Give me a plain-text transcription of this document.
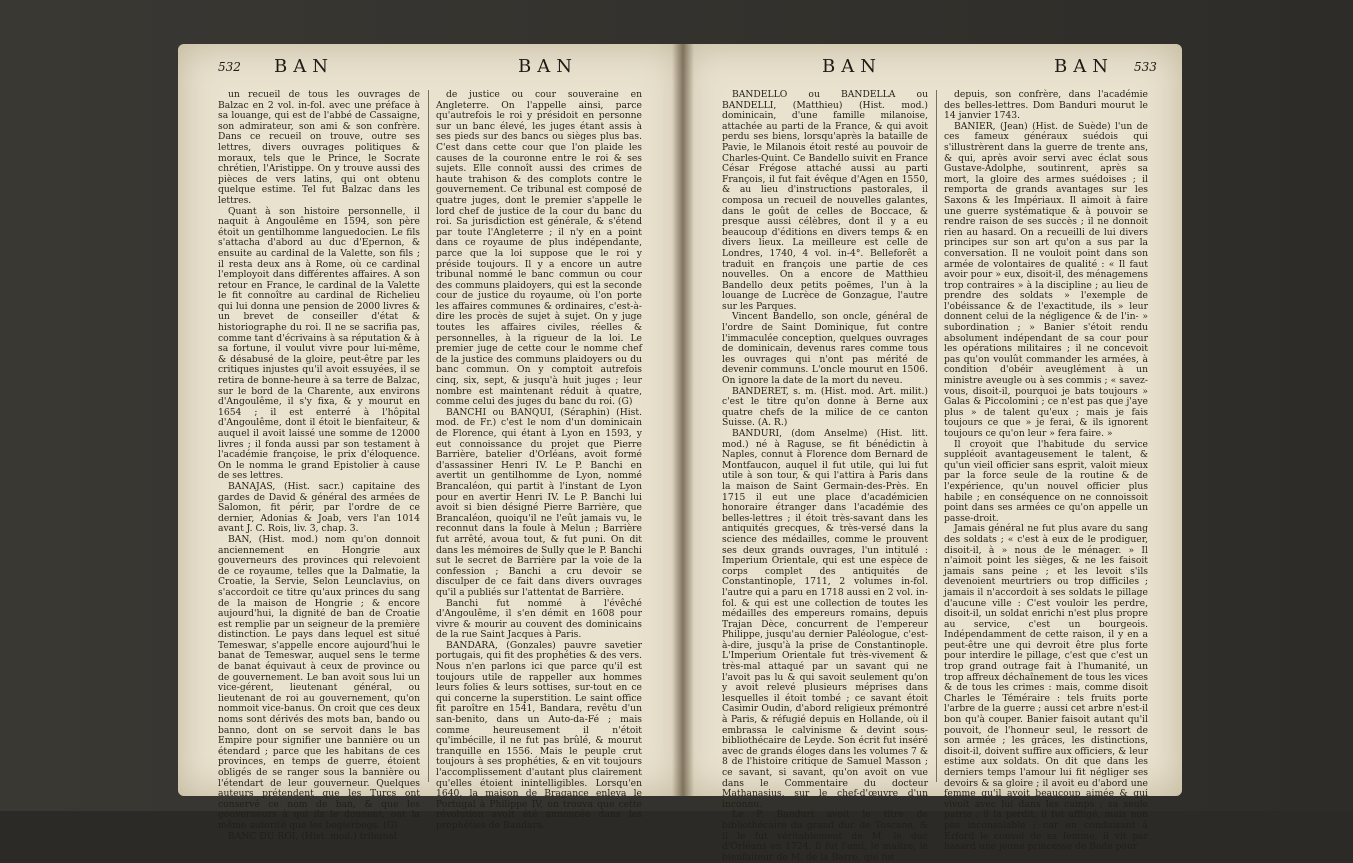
532 BAN	BAN

un recueil de tous les ouvrages de Balzac en 2 vol. in-fol. avec une préface à sa louange, qui est de l'abbé de Cassaigne, son admirateur, son ami & son confrère. Dans ce recueil on trouve, outre ses lettres, divers ouvrages politiques & moraux, tels que le Prince, le Socrate chrétien, l'Aristippe. On y trouve aussi des pièces de vers latins, qui ont obtenu quelque estime. Tel fut Balzac dans les lettres.

Quant à son histoire personnelle, il naquit à Angoulême en 1594, son père étoit un gentilhomme languedocien. Le fils s'attacha d'abord au duc d'Epernon, & ensuite au cardinal de la Valette, son fils ; il resta deux ans à Rome, où ce cardinal l'employoit dans différentes affaires. A son retour en France, le cardinal de la Valette le fit connoître au cardinal de Richelieu qui lui donna une pension de 2000 livres & un brevet de conseiller d'état & historiographe du roi. Il ne se sacrifia pas, comme tant d'écrivains à sa réputation & à sa fortune, il voulut vivre pour lui-même, & désabusé de la gloire, peut-être par les critiques injustes qu'il avoit essuyées, il se retira de bonne-heure à sa terre de Balzac, sur le bord de la Charente, aux environs d'Angoulême, il s'y fixa, & y mourut en 1654 ; il est enterré à l'hôpital d'Angoulême, dont il étoit le bienfaiteur, & auquel il avoit laissé une somme de 12000 livres ; il fonda aussi par son testament à l'académie françoise, le prix d'éloquence. On le nomma le grand Epistolier à cause de ses lettres.

BANAJAS, (Hist. sacr.) capitaine des gardes de David & général des armées de Salomon, fit périr, par l'ordre de ce dernier, Adonias & Joab, vers l'an 1014 avant J. C. Rois, liv. 3, chap. 3.

BAN, (Hist. mod.) nom qu'on donnoit anciennement en Hongrie aux gouverneurs des provinces qui relevoient de ce royaume, telles que la Dalmatie, la Croatie, la Servie, Selon Leunclavius, on s'accordoit ce titre qu'aux princes du sang de la maison de Hongrie ; & encore aujourd'hui, la dignité de ban de Croatie est remplie par un seigneur de la première distinction. Le pays dans lequel est situé Temeswar, s'appelle encore aujourd'hui le banat de Temeswar, auquel sens le terme de banat équivaut à ceux de province ou de gouvernement. Le ban avoit sous lui un vice-gérent, lieutenant général, ou lieutenant de roi au gouvernement, qu'on nommoit vice-banus. On croit que ces deux noms sont dérivés des mots ban, bando ou banno, dont on se servoit dans le bas Empire pour signifier une bannière ou un étendard ; parce que les habitans de ces provinces, en temps de guerre, étoient obligés de se ranger sous la bannière ou l'étendart de leur gouverneur. Quelques auteurs prétendent que les Turcs ont conservé ce nom de ban, & que les gouverneurs à qui ils le donnent, ont la même autorité que les beglerbegs. (G)

BANC DU ROI, (Hist. mod.) tribunal

de justice ou cour souveraine en Angleterre. On l'appelle ainsi, parce qu'autrefois le roi y présidoit en personne sur un banc élevé, les juges étant assis à ses pieds sur des bancs ou sièges plus bas. C'est dans cette cour que l'on plaide les causes de la couronne entre le roi & ses sujets. Elle connoît aussi des crimes de haute trahison & des complots contre le gouvernement. Ce tribunal est composé de quatre juges, dont le premier s'appelle le lord chef de justice de la cour du banc du roi. Sa jurisdiction est générale, & s'étend par toute l'Angleterre ; il n'y en a point dans ce royaume de plus indépendante, parce que la loi suppose que le roi y préside toujours. Il y a encore un autre tribunal nommé le banc commun ou cour des communs plaidoyers, qui est la seconde cour de justice du royaume, où l'on porte les affaires communes & ordinaires, c'est-à-dire les procès de sujet à sujet. On y juge toutes les affaires civiles, réelles & personnelles, à la rigueur de la loi. Le premier juge de cette cour le nomme chef de la justice des communs plaidoyers ou du banc commun. On y comptoit autrefois cinq, six, sept, & jusqu'à huit juges ; leur nombre est maintenant réduit à quatre, comme celui des juges du banc du roi. (G)

BANCHI ou BANQUI, (Séraphin) (Hist. mod. de Fr.) c'est le nom d'un dominicain de Florence, qui étant à Lyon en 1593, y eut connoissance du projet que Pierre Barrière, batelier d'Orléans, avoit formé d'assassiner Henri IV. Le P. Banchi en avertit un gentilhomme de Lyon, nommé Brancaléon, qui partit à l'instant de Lyon pour en avertir Henri IV. Le P. Banchi lui avoit si bien désigné Pierre Barrière, que Brancaléon, quoiqu'il ne l'eût jamais vu, le reconnut dans la foule à Melun ; Barrière fut arrêté, avoua tout, & fut puni. On dit dans les mémoires de Sully que le P. Banchi sut le secret de Barrière par la voie de la confession ; Banchi a cru devoir se disculper de ce fait dans divers ouvrages qu'il a publiés sur l'attentat de Barrière.

Banchi fut nommé à l'évêché d'Angoulême, il s'en démit en 1608 pour vivre & mourir au couvent des dominicains de la rue Saint Jacques à Paris.

BANDARA, (Gonzales) pauvre savetier portugais, qui fit des prophéties & des vers. Nous n'en parlons ici que parce qu'il est toujours utile de rappeller aux hommes leurs folies & leurs sottises, sur-tout en ce qui concerne la superstition. Le saint office fit paroître en 1541, Bandara, revêtu d'un san-benito, dans un Auto-da-Fé ; mais comme heureusement il n'étoit qu'imbécille, il ne fut pas brûlé, & mourut tranquille en 1556. Mais le peuple crut toujours à ses prophéties, & en vit toujours l'accomplissement d'autant plus clairement qu'elles étoient inintelligibles. Lorsqu'en 1640, la maison de Bragance enleva le Portugal à Philippe IV, on trouva que cette révolution avoit été annoncée dans les prophéties de Bandara.

BAN	BAN 533

BANDELLO ou BANDELLA ou BANDELLI, (Matthieu) (Hist. mod.) dominicain, d'une famille milanoise, attachée au parti de la France, & qui avoit perdu ses biens, lorsqu'après la bataille de Pavie, le Milanois étoit resté au pouvoir de Charles-Quint. Ce Bandello suivit en France César Frégose attaché aussi au parti François, il fut fait évêque d'Agen en 1550, & au lieu d'instructions pastorales, il composa un recueil de nouvelles galantes, dans le goût de celles de Boccace, & presque aussi célèbres, dont il y a eu beaucoup d'éditions en divers temps & en divers lieux. La meilleure est celle de Londres, 1740, 4 vol. in-4°. Belleforêt a traduit en françois une partie de ces nouvelles. On a encore de Matthieu Bandello deux petits poëmes, l'un à la louange de Lucrèce de Gonzague, l'autre sur les Parques.

Vincent Bandello, son oncle, général de l'ordre de Saint Dominique, fut contre l'immaculée conception, quelques ouvrages de dominicain, devenus rares comme tous les ouvrages qui n'ont pas mérité de devenir communs. L'oncle mourut en 1506. On ignore la date de la mort du neveu.

BANDERET, s. m. (Hist. mod. Art. milit.) c'est le titre qu'on donne à Berne aux quatre chefs de la milice de ce canton Suisse. (A. R.)

BANDURI, (dom Anselme) (Hist. litt. mod.) né à Raguse, se fit bénédictin à Naples, connut à Florence dom Bernard de Montfaucon, auquel il fut utile, qui lui fut utile à son tour, & qui l'attira à Paris dans la maison de Saint Germain-des-Près. En 1715 il eut une place d'académicien honoraire étranger dans l'académie des belles-lettres ; il étoit très-savant dans les antiquités grecques, & très-versé dans la science des médailles, comme le prouvent ses deux grands ouvrages, l'un intitulé : Imperium Orientale, qui est une espèce de corps complet des antiquités de Constantinople, 1711, 2 volumes in-fol. l'autre qui a paru en 1718 aussi en 2 vol. in-fol. & qui est une collection de toutes les médailles des empereurs romains, depuis Trajan Dèce, concurrent de l'empereur Philippe, jusqu'au dernier Paléologue, c'est-à-dire, jusqu'à la prise de Constantinople. L'Imperium Orientale fut très-vivement & très-mal attaqué par un savant qui ne l'avoit pas lu & qui savoit seulement qu'on y avoit relevé plusieurs méprises dans lesquelles il étoit tombé ; ce savant étoit Casimir Oudin, d'abord religieux prémontré à Paris, & réfugié depuis en Hollande, où il embrassa le calvinisme & devint sous-bibliothécaire de Leyde. Son écrit fut inséré avec de grands éloges dans les volumes 7 & 8 de l'histoire critique de Samuel Masson ; ce savant, si savant, qu'on avoit on vue dans le Commentaire du docteur Mathanasius, sur le chef-d'œuvre d'un inconnu.

Le P. Banduri avoit le titre de bibliothécaire du grand duc de Toscane, & il le fut véritablement de M. le duc d'Orléans en 1724. Il fut l'ami, le maître, le bienfaiteur de M. de la Barre, qui fut

depuis, son confrère, dans l'académie des belles-lettres. Dom Banduri mourut le 14 janvier 1743.

BANIER, (Jean) (Hist. de Suède) l'un de ces fameux généraux suédois qui s'illustrèrent dans la guerre de trente ans, & qui, après avoir servi avec éclat sous Gustave-Adolphe, soutinrent, après sa mort, la gloire des armes suédoises ; il remporta de grands avantages sur les Saxons & les Impériaux. Il aimoit à faire une guerre systématique & à pouvoir se rendre raison de ses succès ; il ne donnoit rien au hasard. On a recueilli de lui divers principes sur son art qu'on a sus par la conversation. Il ne vouloit point dans son armée de volontaires de qualité : « Il faut avoir pour » eux, disoit-il, des ménagemens trop contraires » à la discipline ; au lieu de prendre des soldats » l'exemple de l'obéissance & de l'exactitude, ils » leur donnent celui de la négligence & de l'in- » subordination ; » Banier s'étoit rendu absolument indépendant de sa cour pour les opérations militaires ; il ne concevoit pas qu'on voulût commander les armées, à condition d'obéir aveuglément à un ministre aveugle ou à ses commis ; « savez-vous, disoit-il, pourquoi je bats toujours » Galas & Piccolomini ; ce n'est pas que j'aye plus » de talent qu'eux ; mais je fais toujours ce que » je ferai, & ils ignorent toujours ce qu'on leur » fera faire. »

Il croyoit que l'habitude du service suppléoit avantageusement le talent, & qu'un vieil officier sans esprit, valoit mieux par la force seule de la routine & de l'expérience, qu'un nouvel officier plus habile ; en conséquence on ne connoissoit point dans ses armées ce qu'on appelle un passe-droit.

Jamais général ne fut plus avare du sang des soldats ; « c'est à eux de le prodiguer, disoit-il, à » nous de le ménager. » Il n'aimoit point les sièges, & ne les faisoit jamais sans peine ; et les levoit s'ils devenoient meurtriers ou trop difficiles ; jamais il n'accordoit à ses soldats le pillage d'aucune ville : C'est vouloir les perdre, disoit-il, un soldat enrichi n'est plus propre au service, c'est un bourgeois. Indépendamment de cette raison, il y en a peut-être une qui devroit être plus forte pour interdire le pillage, c'est que c'est un trop grand outrage fait à l'humanité, un trop affreux déchaînement de tous les vices & de tous les crimes : mais, comme disoit Charles le Téméraire : tels fruits porte l'arbre de la guerre ; aussi cet arbre n'est-il bon qu'à couper. Banier faisoit autant qu'il pouvoit, de l'honneur seul, le ressort de son armée ; les grâces, les distinctions, disoit-il, doivent suffire aux officiers, & leur estime aux soldats. On dit que dans les derniers temps l'amour lui fit négliger ses devoirs & sa gloire ; il avoit eu d'abord une femme qu'il avoit beaucoup aimée & qui vivoit avec lui dans les camps ; sa seule patrie ; il la perdit, il fut affligé, mais non pas inconsolable ; car en conduisant à Erford le convoi de sa femme, il vit par hasard une jeune princesse de Bade pour
